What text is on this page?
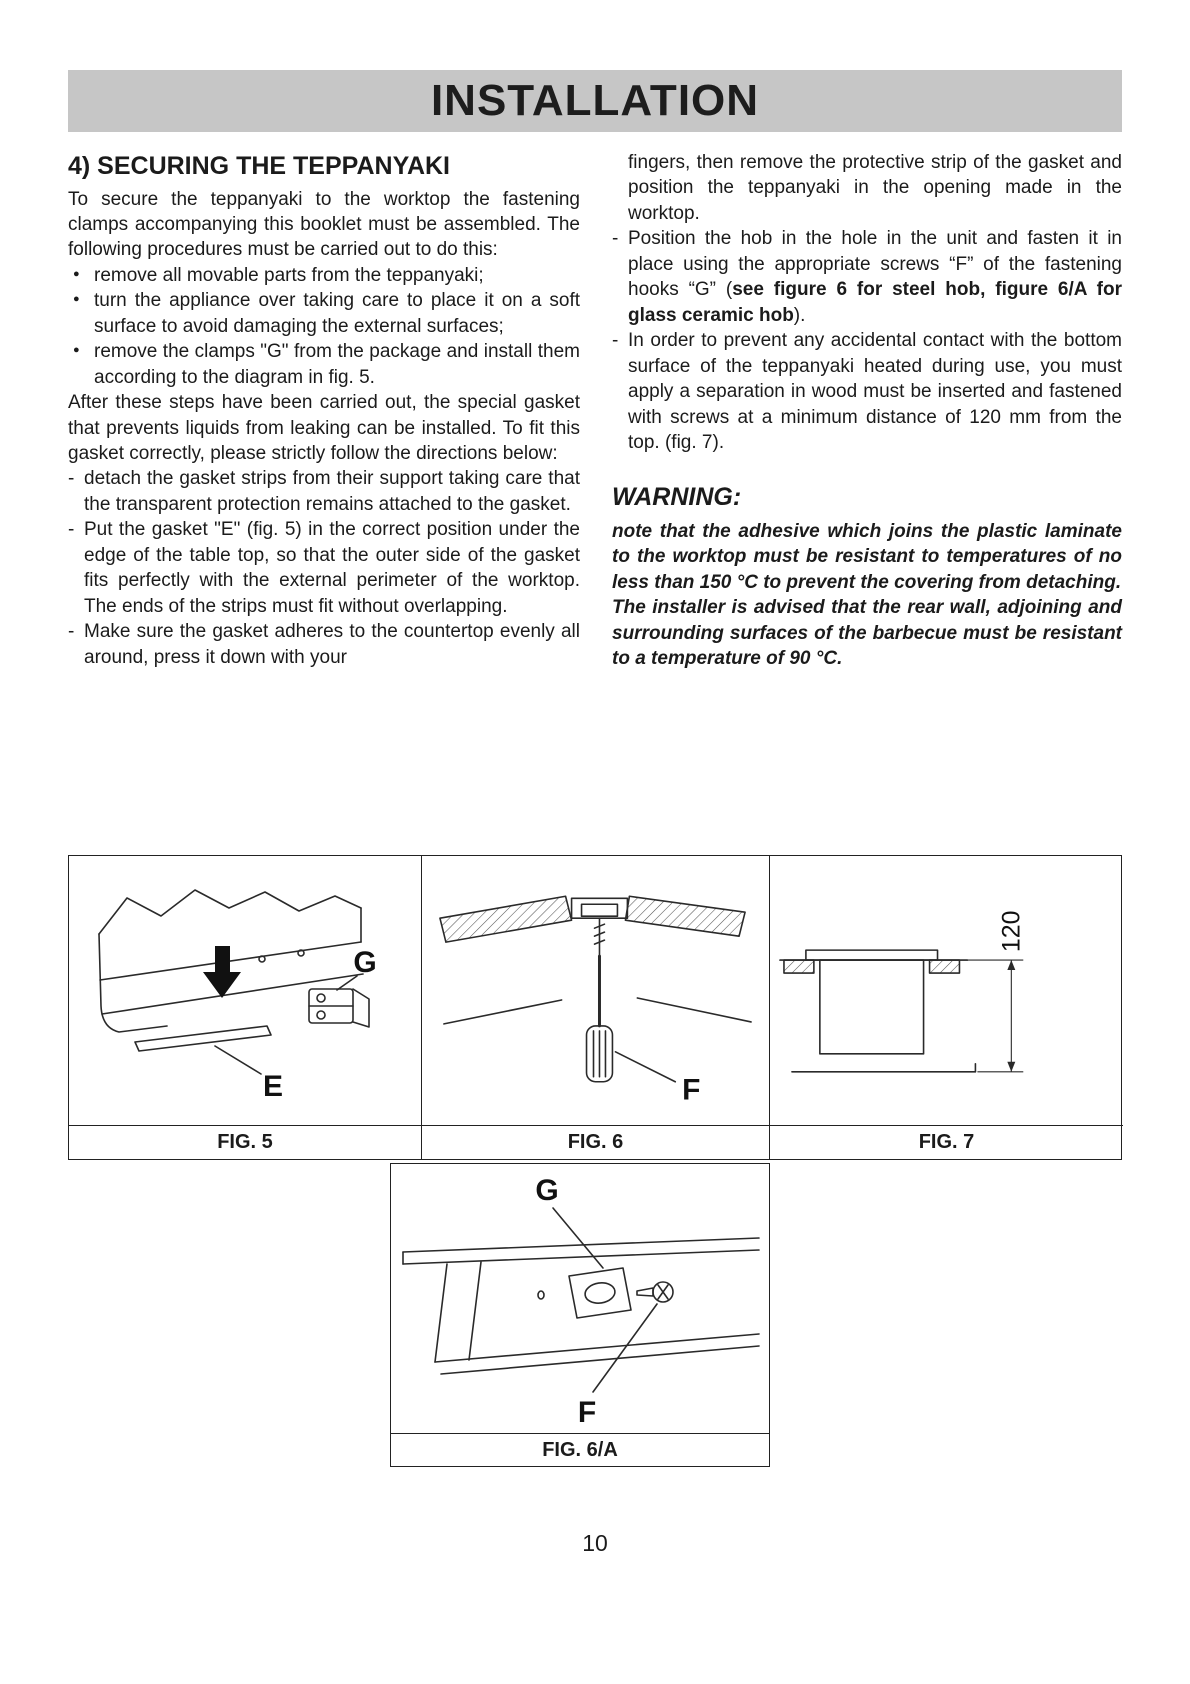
INSTALLATION
4) SECURING THE TEPPANYAKI

To secure the teppanyaki to the worktop the fastening clamps accompanying this booklet must be assembled. The following procedures must be carried out to do this:

● remove all movable parts from the teppanyaki;
● turn the appliance over taking care to place it on a soft surface to avoid damaging the external surfaces;
● remove the clamps "G" from the package and install them according to the diagram in fig. 5.

After these steps have been carried out, the special gasket that prevents liquids from leaking can be installed. To fit this gasket correctly, please strictly follow the directions below:

- detach the gasket strips from their support taking care that the transparent protection remains attached to the gasket.

- Put the gasket "E" (fig. 5) in the correct position under the edge of the table top, so that the outer side of the gasket fits perfectly with the external perimeter of the worktop. The ends of the strips must fit without overlapping.

- Make sure the gasket adheres to the countertop evenly all around, press it down with your

fingers, then remove the protective strip of the gasket and position the teppanyaki in the opening made in the worktop.

- Position the hob in the hole in the unit and fasten it in place using the appropriate screws “F” of the fastening hooks “G” (see figure 6 for steel hob, figure 6/A for glass ceramic hob).

- In order to prevent any accidental contact with the bottom surface of the teppanyaki heated during use, you must apply a separation in wood must be inserted and fastened with screws at a minimum distance of 120 mm from the top. (fig. 7).

WARNING:

note that the adhesive which joins the plastic laminate to the worktop must be resistant to temperatures of no less than 150 °C to prevent the covering from detaching.

The installer is advised that the rear wall, adjoining and surrounding surfaces of the barbecue must be resistant to a temperature of 90 °C.

G
E	F
120
FIG. 5	FIG. 6	FIG. 7
G
F
FIG. 6/A
10
